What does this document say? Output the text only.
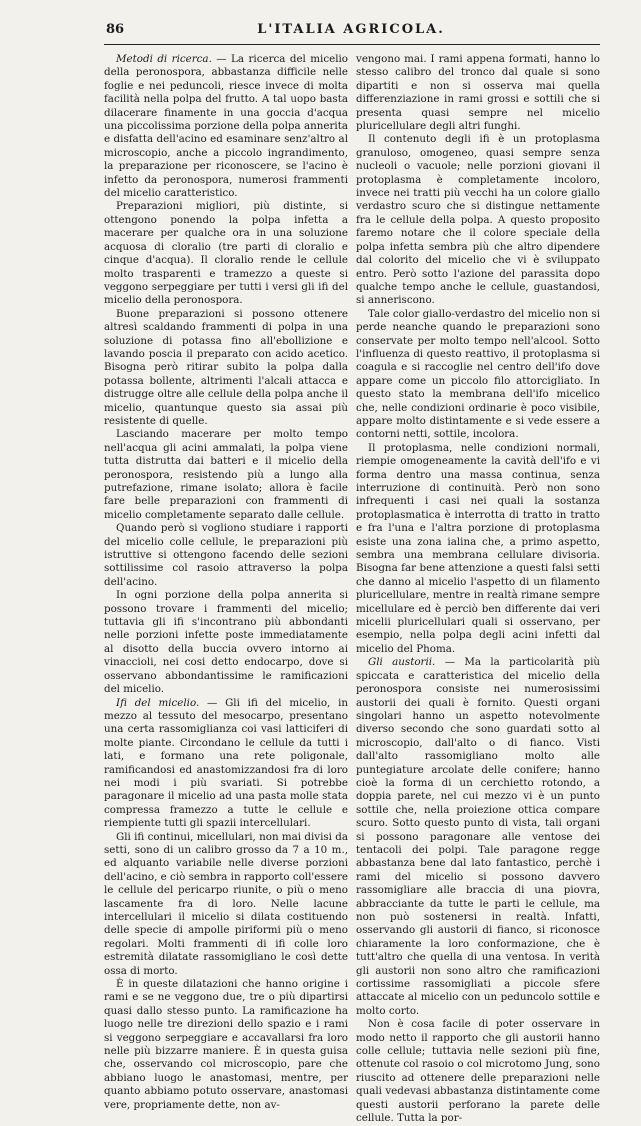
86	L'ITALIA AGRICOLA.

Metodi di ricerca. — La ricerca del micelio della peronospora, abbastanza difficile nelle foglie e nei peduncoli, riesce invece di molta facilità nella polpa del frutto. A tal uopo basta dilacerare finamente in una goccia d'acqua una piccolissima porzione della polpa annerita e disfatta dell'acino ed esaminare senz'altro al microscopio, anche a piccolo ingrandimento, la preparazione per riconoscere, se l'acino è infetto da peronospora, numerosi frammenti del micelio caratteristico.

Preparazioni migliori, più distinte, si ottengono ponendo la polpa infetta a macerare per qualche ora in una soluzione acquosa di cloralio (tre parti di cloralio e cinque d'acqua). Il cloralio rende le cellule molto trasparenti e tramezzo a queste si veggono serpeggiare per tutti i versi gli ifi del micelio della peronospora.

Buone preparazioni si possono ottenere altresì scaldando frammenti di polpa in una soluzione di potassa fino all'ebollizione e lavando poscia il preparato con acido acetico. Bisogna però ritirar subito la polpa dalla potassa bollente, altrimenti l'alcali attacca e distrugge oltre alle cellule della polpa anche il micelio, quantunque questo sia assai più resistente di quelle.

Lasciando macerare per molto tempo nell'acqua gli acini ammalati, la polpa viene tutta distrutta dai batteri e il micelio della peronospora, resistendo più a lungo alla putrefazione, rimane isolato; allora è facile fare belle preparazioni con frammenti di micelio completamente separato dalle cellule.

Quando però si vogliono studiare i rapporti del micelio colle cellule, le preparazioni più istruttive si ottengono facendo delle sezioni sottilissime col rasoio attraverso la polpa dell'acino.

In ogni porzione della polpa annerita si possono trovare i frammenti del micelio; tuttavia gli ifi s'incontrano più abbondanti nelle porzioni infette poste immediatamente al disotto della buccia ovvero intorno ai vinaccioli, nei cosi detto endocarpo, dove si osservano abbondantissime le ramificazioni del micelio.

Ifi del micelio. — Gli ifi del micelio, in mezzo al tessuto del mesocarpo, presentano una certa rassomiglianza coi vasi latticiferi di molte piante. Circondano le cellule da tutti i lati, e formano una rete poligonale, ramificandosi ed anastomizzandosi fra di loro nei modi i più svariati. Si potrebbe paragonare il micelio ad una pasta molle stata compressa framezzo a tutte le cellule e riempiente tutti gli spazii intercellulari.

Gli ifi continui, micellulari, non mai divisi da setti, sono di un calibro grosso da 7 a 10 m., ed alquanto variabile nelle diverse porzioni dell'acino, e ciò sembra in rapporto coll'essere le cellule del pericarpo riunite, o più o meno lascamente fra di loro. Nelle lacune intercellulari il micelio si dilata costituendo delle specie di ampolle piriformi più o meno regolari. Molti frammenti di ifi colle loro estremità dilatate rassomigliano le così dette ossa di morto.

È in queste dilatazioni che hanno origine i rami e se ne veggono due, tre o più dipartirsi quasi dallo stesso punto. La ramificazione ha luogo nelle tre direzioni dello spazio e i rami si veggono serpeggiare e accavallarsi fra loro nelle più bizzarre maniere. È in questa guisa che, osservando col microscopio, pare che abbiano luogo le anastomasi, mentre, per quanto abbiamo potuto osservare, anastomasi vere, propriamente dette, non av-

vengono mai. I rami appena formati, hanno lo stesso calibro del tronco dal quale si sono dipartiti e non si osserva mai quella differenziazione in rami grossi e sottili che si presenta quasi sempre nel micelio pluricellulare degli altri funghi.

Il contenuto degli ifi è un protoplasma granuloso, omogeneo, quasi sempre senza nucleoli o vacuole; nelle porzioni giovani il protoplasma è completamente incoloro, invece nei tratti più vecchi ha un colore giallo verdastro scuro che si distingue nettamente fra le cellule della polpa. A questo proposito faremo notare che il colore speciale della polpa infetta sembra più che altro dipendere dal colorito del micelio che vi è sviluppato entro. Però sotto l'azione del parassita dopo qualche tempo anche le cellule, guastandosi, si anneriscono.

Tale color giallo-verdastro del micelio non si perde neanche quando le preparazioni sono conservate per molto tempo nell'alcool. Sotto l'influenza di questo reattivo, il protoplasma si coagula e si raccoglie nel centro dell'ifo dove appare come un piccolo filo attorcigliato. In questo stato la membrana dell'ifo micelico che, nelle condizioni ordinarie è poco visibile, appare molto distintamente e si vede essere a contorni netti, sottile, incolora.

Il protoplasma, nelle condizioni normali, riempie omogeneamente la cavità dell'ifo e vi forma dentro una massa continua, senza interruzione di continuità. Però non sono infrequenti i casi nei quali la sostanza protoplasmatica è interrotta di tratto in tratto e fra l'una e l'altra porzione di protoplasma esiste una zona ialina che, a primo aspetto, sembra una membrana cellulare divisoria. Bisogna far bene attenzione a questi falsi setti che danno al micelio l'aspetto di un filamento pluricellulare, mentre in realtà rimane sempre micellulare ed è perciò ben differente dai veri micelii pluricellulari quali si osservano, per esempio, nella polpa degli acini infetti dal micelio del Phoma.

Gli austorii. — Ma la particolarità più spiccata e caratteristica del micelio della peronospora consiste nei numerosissimi austorii dei quali è fornito. Questi organi singolari hanno un aspetto notevolmente diverso secondo che sono guardati sotto al microscopio, dall'alto o di fianco. Visti dall'alto rassomigliano molto alle puntegiature arcolate delle conifere; hanno cioè la forma di un cerchietto rotondo, a doppia parete, nel cui mezzo vi è un punto sottile che, nella proiezione ottica compare scuro. Sotto questo punto di vista, tali organi si possono paragonare alle ventose dei tentacoli dei polpi. Tale paragone regge abbastanza bene dal lato fantastico, perchè i rami del micelio si possono davvero rassomigliare alle braccia di una piovra, abbracciante da tutte le parti le cellule, ma non può sostenersi in realtà. Infatti, osservando gli austorii di fianco, si riconosce chiaramente la loro conformazione, che è tutt'altro che quella di una ventosa. In verità gli austorii non sono altro che ramificazioni cortissime rassomigliati a piccole sfere attaccate al micelio con un peduncolo sottile e molto corto.

Non è cosa facile di poter osservare in modo netto il rapporto che gli austorii hanno colle cellule; tuttavia nelle sezioni più fine, ottenute col rasoio o col microtomo Jung, sono riuscito ad ottenere delle preparazioni nelle quali vedevasi abbastanza distintamente come questi austorii perforano la parete delle cellule. Tutta la por-
